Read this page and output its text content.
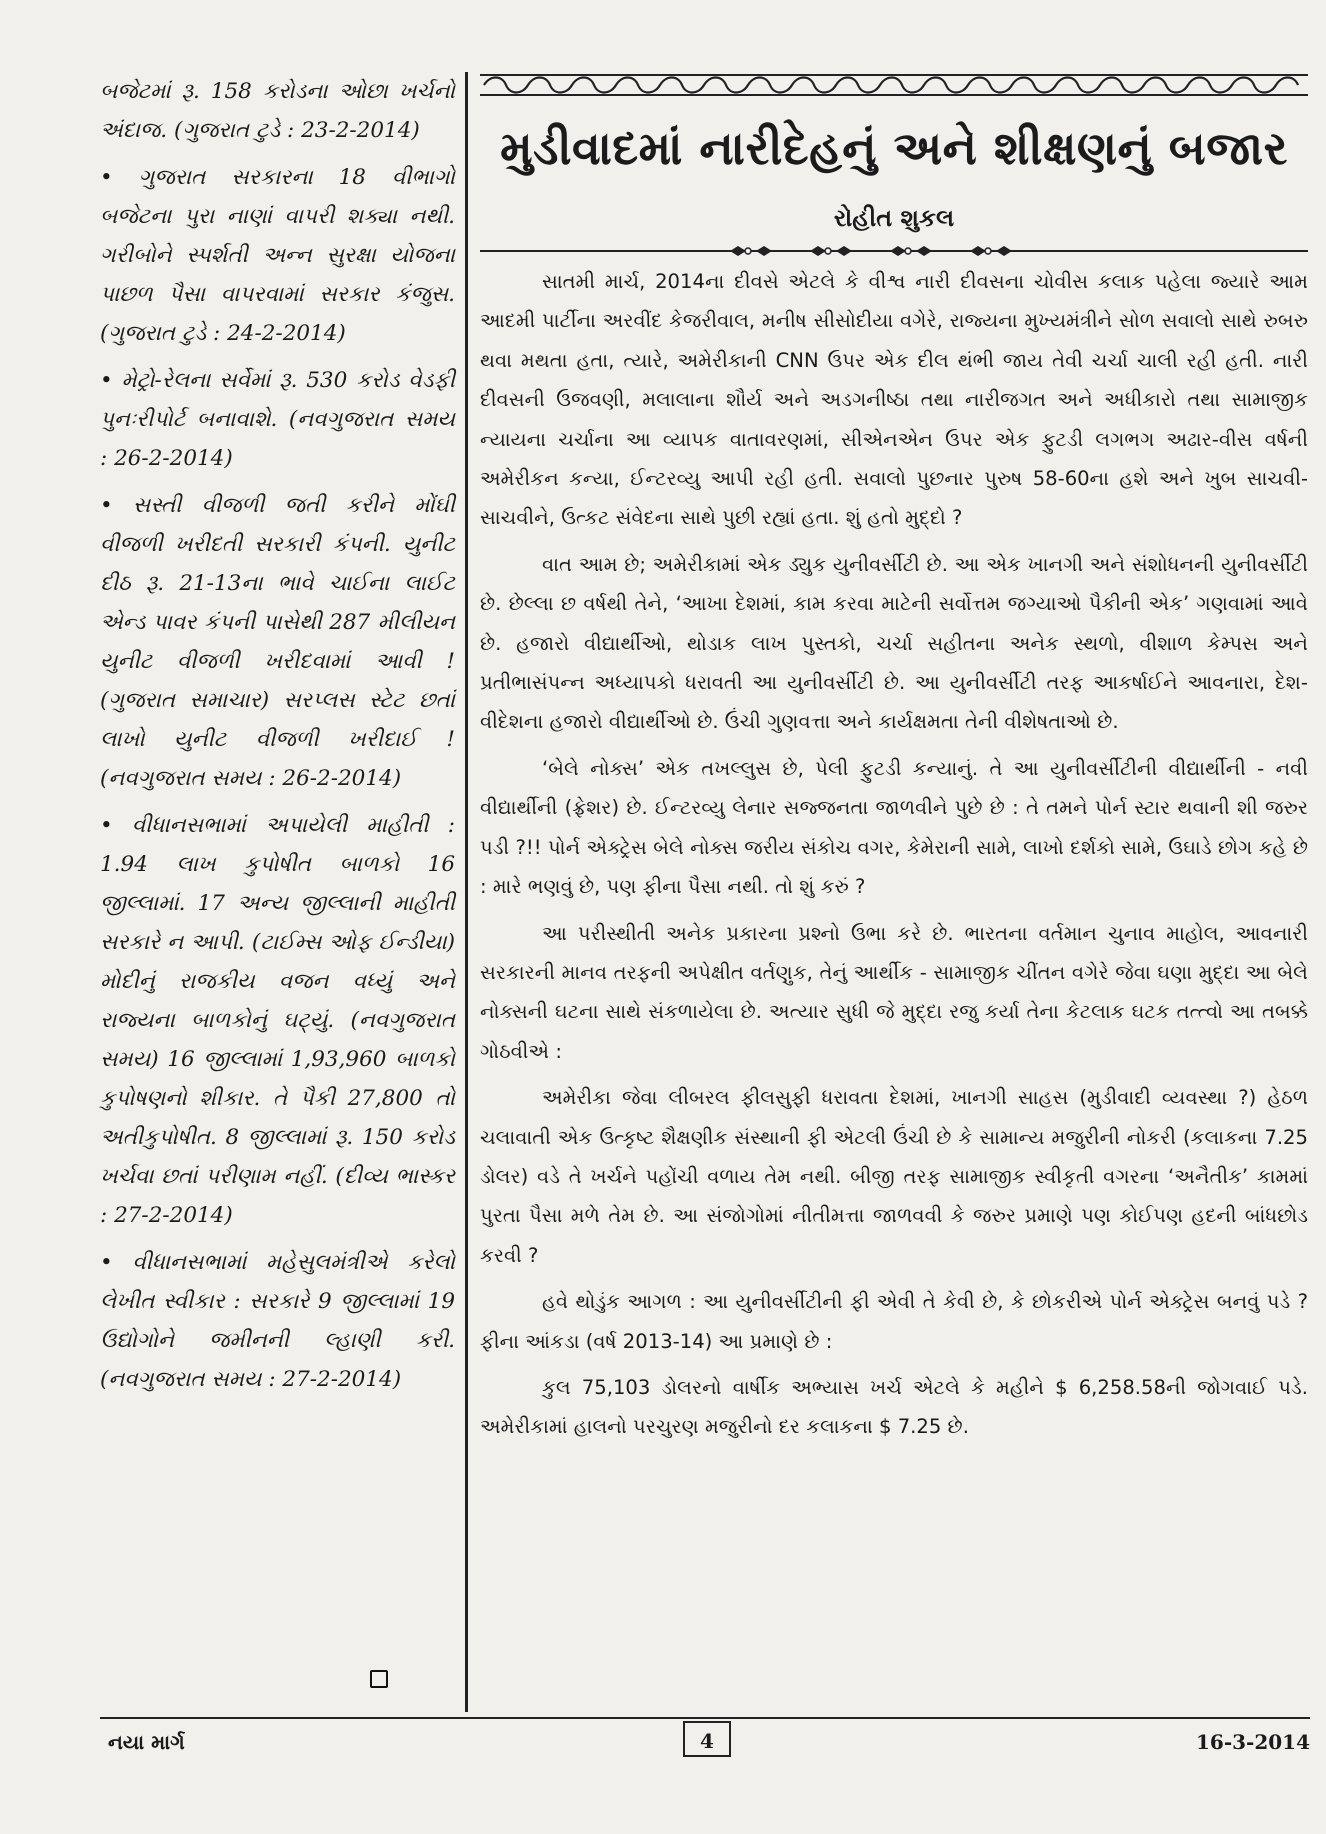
બજેટમાં રૂ. 158 કરોડના ઓછા ખર્ચનો અંદાજ. (ગુજરાત ટુડે : 23-2-2014)

• ગુજરાત સરકારના 18 વીભાગો બજેટના પુરા નાણાં વાપરી શક્યા નથી. ગરીબોને સ્પર્શતી અન્ન સુરક્ષા યોજના પાછળ પૈસા વાપરવામાં સરકાર કંજુસ. (ગુજરાત ટુડે : 24-2-2014)

• મેટ્રો-રેલના સર્વેમાં રૂ. 530 કરોડ વેડફી પુનઃરીપોર્ટ બનાવાશે. (નવગુજરાત સમય : 26-2-2014)

• સસ્તી વીજળી જતી કરીને મોંઘી વીજળી ખરીદતી સરકારી કંપની. યુનીટ દીઠ રૂ. 21-13ના ભાવે ચાઈના લાઈટ એન્ડ પાવર કંપની પાસેથી 287 મીલીયન યુનીટ વીજળી ખરીદવામાં આવી ! (ગુજરાત સમાચાર) સરપ્લસ સ્ટેટ છતાં લાખો યુનીટ વીજળી ખરીદાઈ ! (નવગુજરાત સમય : 26-2-2014)

• વીધાનસભામાં અપાયેલી માહીતી : 1.94 લાખ કુપોષીત બાળકો 16 જીલ્લામાં. 17 અન્ય જીલ્લાની માહીતી સરકારે ન આપી. (ટાઈમ્સ ઓફ ઈન્ડીયા) મોદીનું રાજકીય વજન વધ્યું અને રાજ્યના બાળકોનું ઘટ્યું. (નવગુજરાત સમય) 16 જીલ્લામાં 1,93,960 બાળકો કુપોષણનો શીકાર. તે પૈકી 27,800 તો અતીકુપોષીત. 8 જીલ્લામાં રૂ. 150 કરોડ ખર્ચવા છતાં પરીણામ નહીં. (દીવ્ય ભાસ્કર : 27-2-2014)

• વીધાનસભામાં મહેસુલમંત્રીએ કરેલો લેખીત સ્વીકાર : સરકારે 9 જીલ્લામાં 19 ઉદ્યોગોને જમીનની લ્હાણી કરી. (નવગુજરાત સમય : 27-2-2014)

મુડીવાદમાં નારીદેહનું અને શીક્ષણનું બજાર
રોહીત શુકલ

સાતમી માર્ચ, 2014ના દીવસે એટલે કે વીશ્વ નારી દીવસના ચોવીસ કલાક પહેલા જ્યારે આમ આદમી પાર્ટીના અરવીંદ કેજરીવાલ, મનીષ સીસોદીયા વગેરે, રાજ્યના મુખ્યમંત્રીને સોળ સવાલો સાથે રુબરુ થવા મથતા હતા, ત્યારે, અમેરીકાની CNN ઉપર એક દીલ થંભી જાય તેવી ચર્ચા ચાલી રહી હતી. નારી દીવસની ઉજવણી, મલાલાના શૌર્ય અને અડગનીષ્ઠા તથા નારીજગત અને અધીકારો તથા સામાજીક ન્યાયના ચર્ચાના આ વ્યાપક વાતાવરણમાં, સીએનએન ઉપર એક ફુટડી લગભગ અઢાર-વીસ વર્ષની અમેરીકન કન્યા, ઈન્ટરવ્યુ આપી રહી હતી. સવાલો પુછનાર પુરુષ 58-60ના હશે અને ખુબ સાચવી-સાચવીને, ઉત્કટ સંવેદના સાથે પુછી રહ્યાં હતા. શું હતો મુદ્દો ?

વાત આમ છે; અમેરીકામાં એક ડ્યુક યુનીવર્સીટી છે. આ એક ખાનગી અને સંશોધનની યુનીવર્સીટી છે. છેલ્લા છ વર્ષથી તેને, ‘આખા દેશમાં, કામ કરવા માટેની સર્વોત્તમ જગ્યાઓ પૈકીની એક’ ગણવામાં આવે છે. હજારો વીદ્યાર્થીઓ, થોડાક લાખ પુસ્તકો, ચર્ચા સહીતના અનેક સ્થળો, વીશાળ કેમ્પસ અને પ્રતીભાસંપન્ન અધ્યાપકો ધરાવતી આ યુનીવર્સીટી છે. આ યુનીવર્સીટી તરફ આકર્ષાઈને આવનારા, દેશ-વીદેશના હજારો વીદ્યાર્થીઓ છે. ઉંચી ગુણવત્તા અને કાર્યક્ષમતા તેની વીશેષતાઓ છે.

‘બેલે નોક્સ’ એક તખલ્લુસ છે, પેલી ફુટડી કન્યાનું. તે આ યુનીવર્સીટીની વીદ્યાર્થીની - નવી વીદ્યાર્થીની (ફ્રેશર) છે. ઈન્ટરવ્યુ લેનાર સજ્જનતા જાળવીને પુછે છે : તે તમને પોર્ન સ્ટાર થવાની શી જરુર પડી ?!! પોર્ન એક્ટ્રેસ બેલે નોક્સ જરીય સંકોચ વગર, કેમેરાની સામે, લાખો દર્શકો સામે, ઉઘાડે છોગ કહે છે : મારે ભણવું છે, પણ ફીના પૈસા નથી. તો શું કરું ?

આ પરીસ્થીતી અનેક પ્રકારના પ્રશ્નો ઉભા કરે છે. ભારતના વર્તમાન ચુનાવ માહોલ, આવનારી સરકારની માનવ તરફની અપેક્ષીત વર્તણુક, તેનું આર્થીક - સામાજીક ચીંતન વગેરે જેવા ઘણા મુદ્દા આ બેલે નોક્સની ઘટના સાથે સંકળાયેલા છે. અત્યાર સુધી જે મુદ્દા રજુ કર્યા તેના કેટલાક ઘટક તત્ત્વો આ તબક્કે ગોઠવીએ :

અમેરીકા જેવા લીબરલ ફીલસુફી ધરાવતા દેશમાં, ખાનગી સાહસ (મુડીવાદી વ્યવસ્થા ?) હેઠળ ચલાવાતી એક ઉત્કૃષ્ટ શૈક્ષણીક સંસ્થાની ફી એટલી ઉંચી છે કે સામાન્ય મજુરીની નોકરી (કલાકના 7.25 ડોલર) વડે તે ખર્ચને પહોંચી વળાય તેમ નથી. બીજી તરફ સામાજીક સ્વીકૃતી વગરના ‘અનૈતીક’ કામમાં પુરતા પૈસા મળે તેમ છે. આ સંજોગોમાં નીતીમત્તા જાળવવી કે જરુર પ્રમાણે પણ કોઈપણ હદની બાંધછોડ કરવી ?

હવે થોડુંક આગળ : આ યુનીવર્સીટીની ફી એવી તે કેવી છે, કે છોકરીએ પોર્ન એક્ટ્રેસ બનવું પડે ? ફીના આંકડા (વર્ષ 2013-14) આ પ્રમાણે છે :

કુલ 75,103 ડોલરનો વાર્ષીક અભ્યાસ ખર્ચ એટલે કે મહીને $ 6,258.58ની જોગવાઈ પડે. અમેરીકામાં હાલનો પરચુરણ મજુરીનો દર કલાકના $ 7.25 છે.

નયા માર્ગ	4	16-3-2014
